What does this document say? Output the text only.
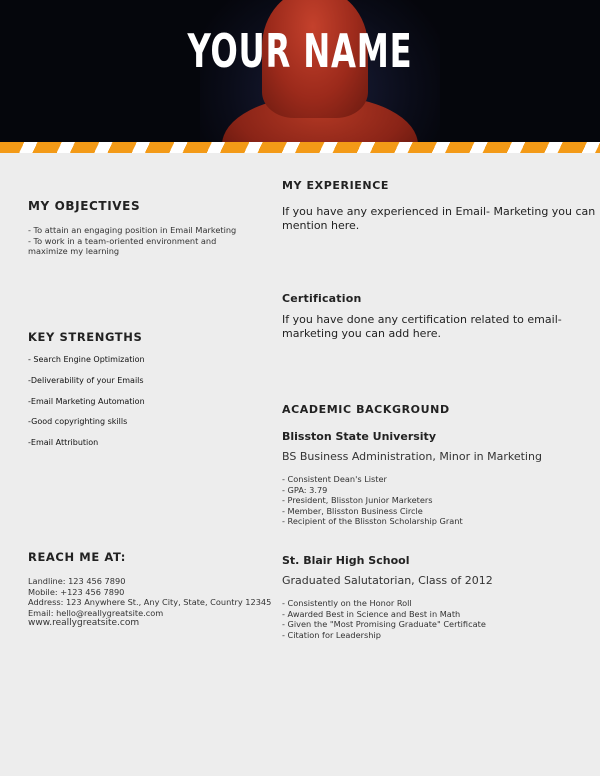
YOUR NAME
MY OBJECTIVES
- To attain an engaging position in Email Marketing
- To work in a team-oriented environment and
maximize my learning
KEY STRENGTHS
- Search Engine Optimization
-Deliverability of your Emails
-Email Marketing Automation
-Good copyrighting skills
-Email Attribution
REACH ME AT:
Landline: 123 456 7890
Mobile: +123 456 7890
Address: 123 Anywhere St., Any City, State, Country 12345
Email: hello@reallygreatsite.com
www.reallygreatsite.com
MY EXPERIENCE
If you have any experienced in Email- Marketing you can
mention here.
Certification
If you have done any certification related to email-
marketing you can add here.
ACADEMIC BACKGROUND
Blisston State University
BS Business Administration, Minor in Marketing
- Consistent Dean's Lister
- GPA: 3.79
- President, Blisston Junior Marketers
- Member, Blisston Business Circle
- Recipient of the Blisston Scholarship Grant
St. Blair High School
Graduated Salutatorian, Class of 2012
- Consistently on the Honor Roll
- Awarded Best in Science and Best in Math
- Given the "Most Promising Graduate" Certificate
- Citation for Leadership
